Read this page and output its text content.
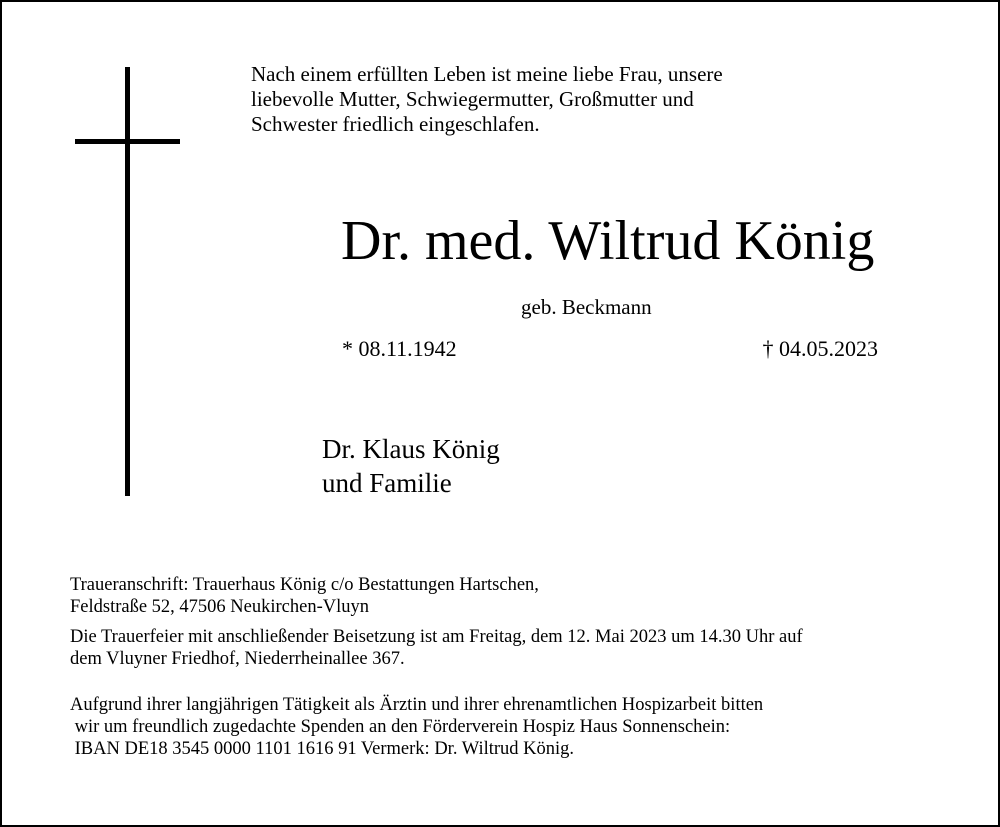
Nach einem erfüllten Leben ist meine liebe Frau, unsere
liebevolle Mutter, Schwiegermutter, Großmutter und
Schwester friedlich eingeschlafen.
Dr. med. Wiltrud König
geb. Beckmann
* 08.11.1942	† 04.05.2023
Dr. Klaus König
und Familie

Traueranschrift: Trauerhaus König c/o Bestattungen Hartschen,
Feldstraße 52, 47506 Neukirchen-Vluyn

Die Trauerfeier mit anschließender Beisetzung ist am Freitag, dem 12. Mai 2023 um 14.30 Uhr auf
dem Vluyner Friedhof, Niederrheinallee 367.

Aufgrund ihrer langjährigen Tätigkeit als Ärztin und ihrer ehrenamtlichen Hospizarbeit bitten
wir um freundlich zugedachte Spenden an den Förderverein Hospiz Haus Sonnenschein:
IBAN DE18 3545 0000 1101 1616 91 Vermerk: Dr. Wiltrud König.
